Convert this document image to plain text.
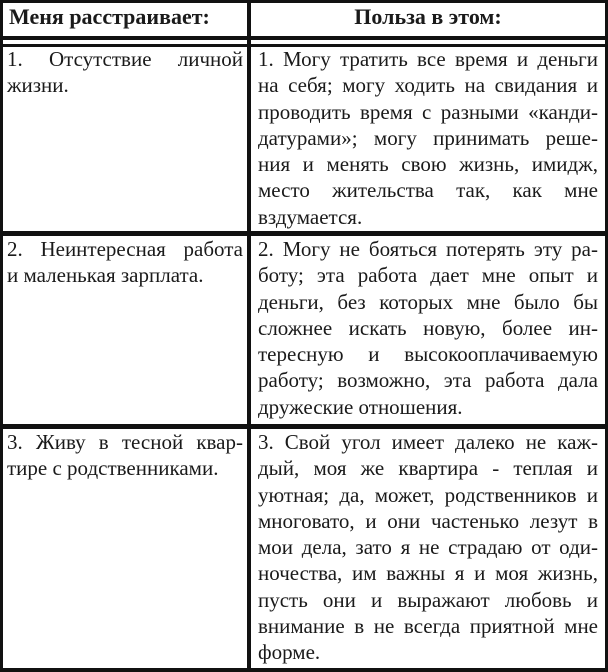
Меня расстраивает:	Польза в этом:
1. Отсутствие личной
жизни.
1. Могу тратить все время и деньги
на себя; могу ходить на свидания и
проводить время с разными «канди-
датурами»; могу принимать реше-
ния и менять свою жизнь, имидж,
место жительства так, как мне
вздумается.
2. Неинтересная работа
и маленькая зарплата.
2. Могу не бояться потерять эту ра-
боту; эта работа дает мне опыт и
деньги, без которых мне было бы
сложнее искать новую, более ин-
тересную и высокооплачиваемую
работу; возможно, эта работа дала
дружеские отношения.
3. Живу в тесной квар-
тире с родственниками.
3. Свой угол имеет далеко не каж-
дый, моя же квартира - теплая и
уютная; да, может, родственников и
многовато, и они частенько лезут в
мои дела, зато я не страдаю от оди-
ночества, им важны я и моя жизнь,
пусть они и выражают любовь и
внимание в не всегда приятной мне
форме.
